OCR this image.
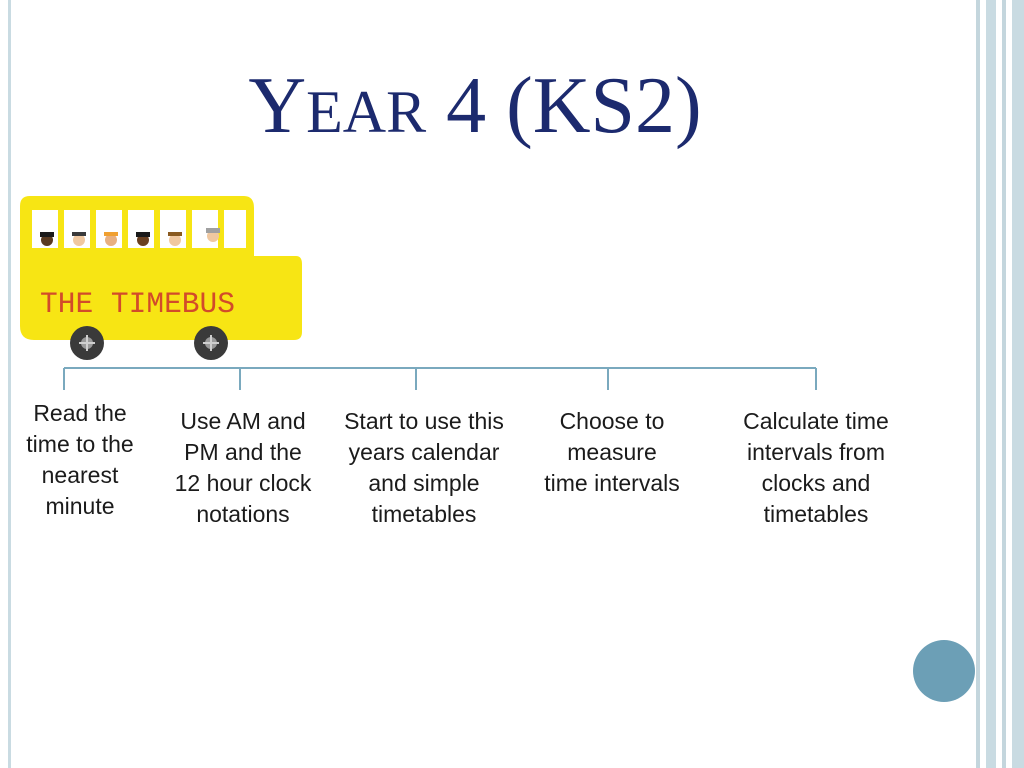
YEAR 4 (KS2)
THE TIMEBUS
Read the time to the nearest minute
Use AM and PM and the 12 hour clock notations
Start to use this years calendar and simple timetables
Choose to measure time intervals
Calculate time intervals from clocks and timetables
